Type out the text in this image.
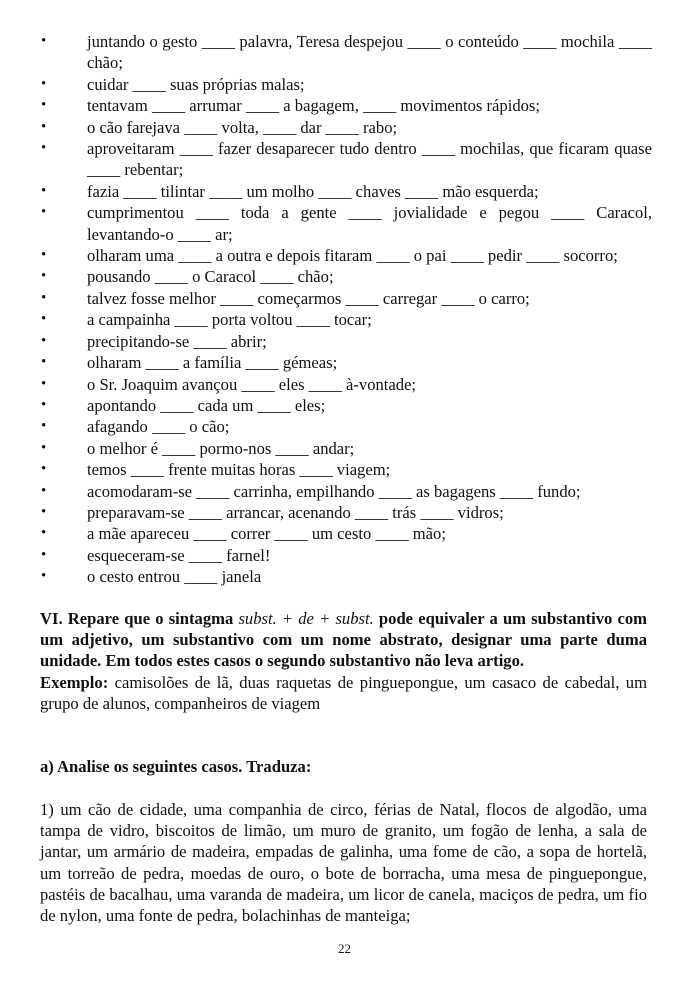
• juntando o gesto ____ palavra, Teresa despejou ____ o conteúdo ____ mochila ____ chão;
• cuidar ____ suas próprias malas;
• tentavam ____ arrumar ____ a bagagem, ____ movimentos rápidos;
• o cão farejava ____ volta, ____ dar ____ rabo;
• aproveitaram ____ fazer desaparecer tudo dentro ____ mochilas, que ficaram quase ____ rebentar;
• fazia ____ tilintar ____ um molho ____ chaves ____ mão esquerda;
• cumprimentou ____ toda a gente ____ jovialidade e pegou ____ Caracol, levantando-o ____ ar;
• olharam uma ____ a outra e depois fitaram ____ o pai ____ pedir ____ socorro;
• pousando ____ o Caracol ____ chão;
• talvez fosse melhor ____ começarmos ____ carregar ____ o carro;
• a campainha ____ porta voltou ____ tocar;
• precipitando-se ____ abrir;
• olharam ____ a família ____ gémeas;
• o Sr. Joaquim avançou ____ eles ____ à-vontade;
• apontando ____ cada um ____ eles;
• afagando ____ o cão;
• o melhor é ____ pormo-nos ____ andar;
• temos ____ frente muitas horas ____ viagem;
• acomodaram-se ____ carrinha, empilhando ____ as bagagens ____ fundo;
• preparavam-se ____ arrancar, acenando ____ trás ____ vidros;
• a mãe apareceu ____ correr ____ um cesto ____ mão;
• esqueceram-se ____ farnel!
• o cesto entrou ____ janela

VI. Repare que o sintagma subst. + de + subst. pode equivaler a um substantivo com um adjetivo, um substantivo com um nome abstrato, designar uma parte duma unidade. Em todos estes casos o segundo substantivo não leva artigo.

Exemplo: camisolões de lã, duas raquetas de pinguepongue, um casaco de cabedal, um grupo de alunos, companheiros de viagem

a) Analise os seguintes casos. Traduza:
1) um cão de cidade, uma companhia de circo, férias de Natal, flocos de algodão, uma tampa de vidro, biscoitos de limão, um muro de granito, um fogão de lenha, a sala de jantar, um armário de madeira, empadas de galinha, uma fome de cão, a sopa de hortelã, um torreão de pedra, moedas de ouro, o bote de borracha, uma mesa de pinguepongue, pastéis de bacalhau, uma varanda de madeira, um licor de canela, maciços de pedra, um fio de nylon, uma fonte de pedra, bolachinhas de manteiga;
22
